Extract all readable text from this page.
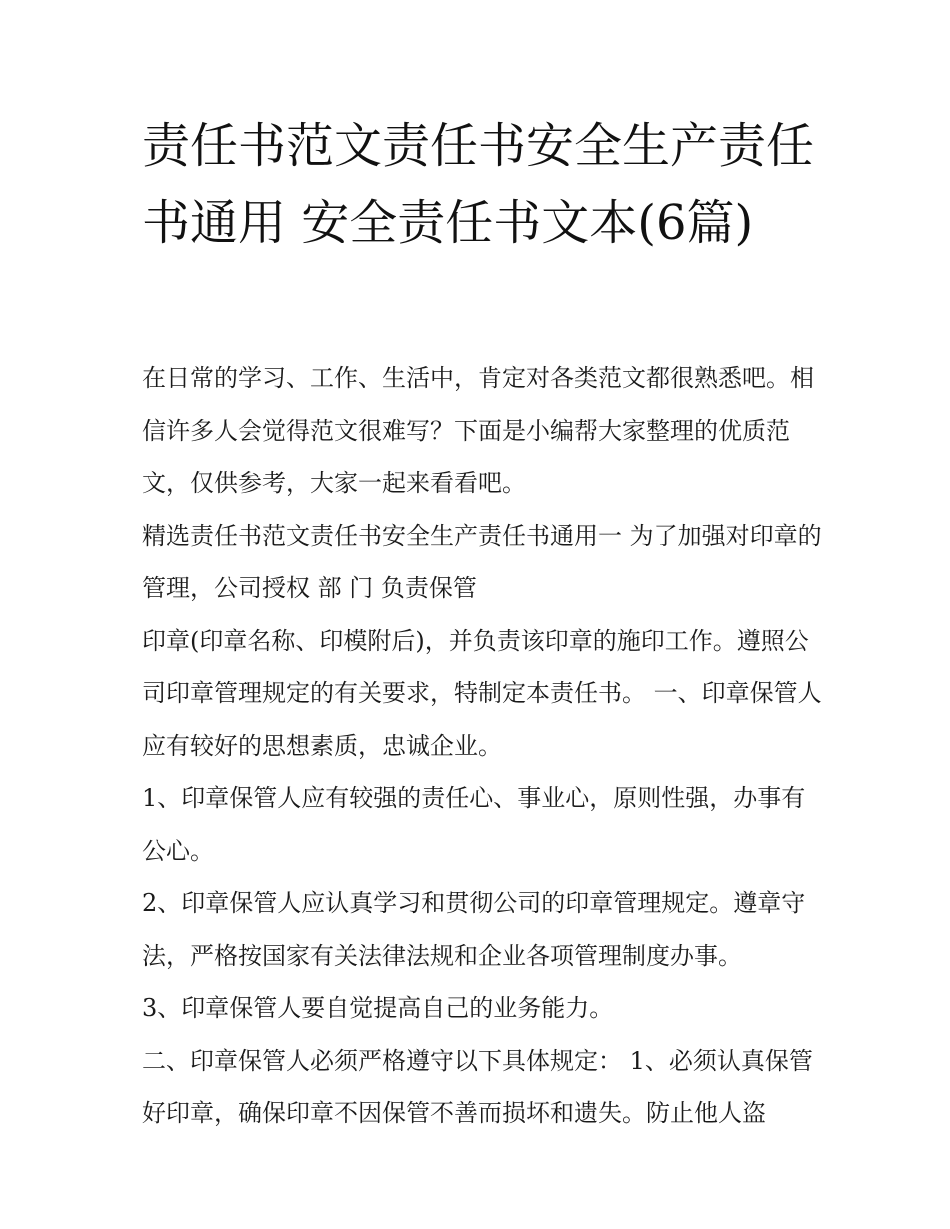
责任书范文责任书安全生产责任书通用 安全责任书文本(6篇)

在日常的学习、工作、生活中，肯定对各类范文都很熟悉吧。相信许多人会觉得范文很难写？下面是小编帮大家整理的优质范文，仅供参考，大家一起来看看吧。

精选责任书范文责任书安全生产责任书通用一 为了加强对印章的管理，公司授权 部 门 负责保管

印章(印章名称、印模附后)，并负责该印章的施印工作。遵照公司印章管理规定的有关要求，特制定本责任书。 一、印章保管人应有较好的思想素质，忠诚企业。

1、印章保管人应有较强的责任心、事业心，原则性强，办事有公心。

2、印章保管人应认真学习和贯彻公司的印章管理规定。遵章守法，严格按国家有关法律法规和企业各项管理制度办事。

3、印章保管人要自觉提高自己的业务能力。

二、印章保管人必须严格遵守以下具体规定： 1、必须认真保管好印章，确保印章不因保管不善而损坏和遗失。防止他人盗
